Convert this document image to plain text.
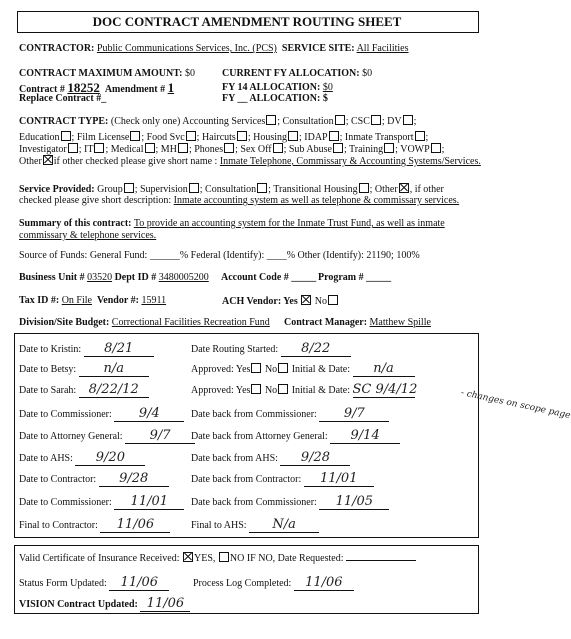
DOC CONTRACT AMENDMENT ROUTING SHEET
CONTRACTOR: Public Communications Services, Inc. (PCS) SERVICE SITE: All Facilities
CONTRACT MAXIMUM AMOUNT: $0	CURRENT FY ALLOCATION: $0
Contract # 18252 Amendment # 1	FY 14 ALLOCATION: $0
Replace Contract #_	FY __ ALLOCATION: $
CONTRACT TYPE: (Check only one) Accounting Services ; Consultation ; CSC ; DV ;
Education ; Film License ; Food Svc ; Haircuts ; Housing ; IDAP ; Inmate Transport ;
Investigator ; IT ; Medical ; MH ; Phones ; Sex Off ; Sub Abuse ; Training ; VOWP ;
Other if other checked please give short name : Inmate Telephone, Commissary & Accounting Systems/Services.
Service Provided: Group ; Supervision ; Consultation ; Transitional Housing ; Other , if other
checked please give short description: Inmate accounting system as well as telephone & commissary services.
Summary of this contract: To provide an accounting system for the Inmate Trust Fund, as well as inmate commissary & telephone services.
Source of Funds: General Fund: ______% Federal (Identify): ____% Other (Identify): 21190; 100%
Business Unit # 03520 Dept ID # 3480005200 Account Code # _____ Program # _____
Tax ID #: On File Vendor #: 15911	ACH Vendor: Yes No
Division/Site Budget: Correctional Facilities Recreation Fund Contract Manager: Matthew Spille
Date to Kristin: 8/21	Date Routing Started: 8/22
Date to Betsy: n/a	Approved: Yes No Initial & Date: n/a
Date to Sarah: 8/22/12	Approved: Yes No Initial & Date: SC 9/4/12
Date to Commissioner: 9/4	Date back from Commissioner: 9/7
Date to Attorney General: 9/7	Date back from Attorney General: 9/14
Date to AHS: 9/20	Date back from AHS: 9/28
Date to Contractor: 9/28	Date back from Contractor: 11/01
Date to Commissioner: 11/01	Date back from Commissioner: 11/05
Final to Contractor: 11/06	Final to AHS: N/a
- changes on scope page
Valid Certificate of Insurance Received: YES, NO IF NO, Date Requested:
Status Form Updated: 11/06	Process Log Completed: 11/06
VISION Contract Updated: 11/06
